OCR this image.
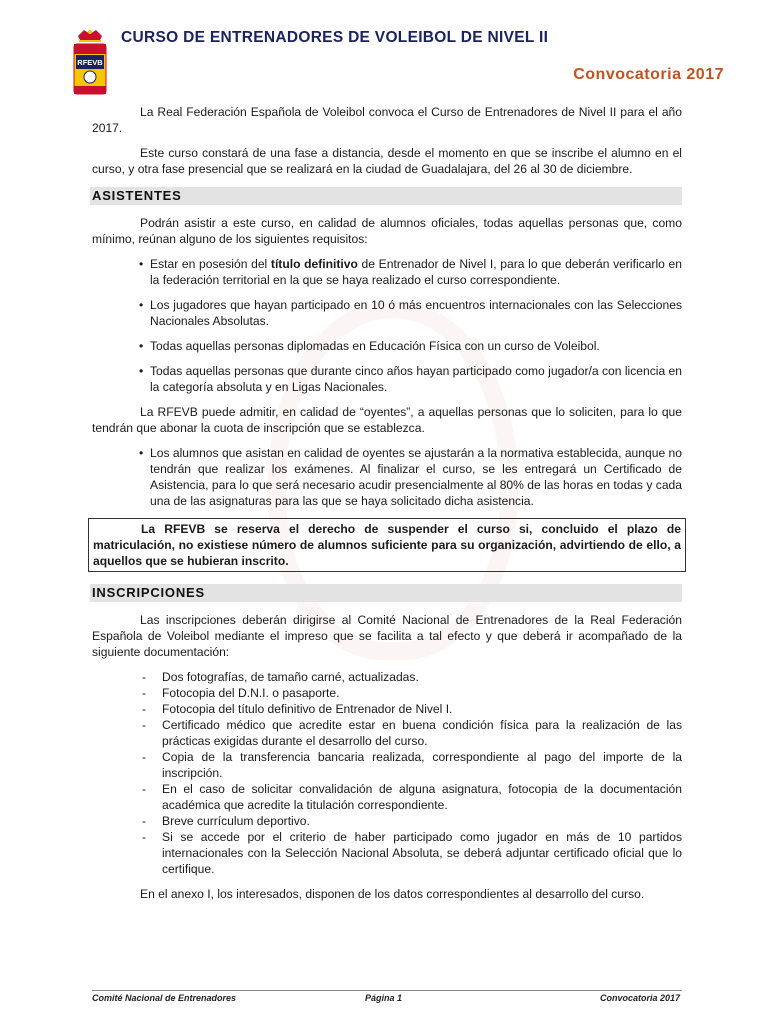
RFEVB
CURSO DE ENTRENADORES DE VOLEIBOL DE NIVEL II
Convocatoria 2017

La Real Federación Española de Voleibol convoca el Curso de Entrenadores de Nivel II para el año 2017.

Este curso constará de una fase a distancia, desde el momento en que se inscribe el alumno en el curso, y otra fase presencial que se realizará en la ciudad de Guadalajara, del 26 al 30 de diciembre.

ASISTENTES

Podrán asistir a este curso, en calidad de alumnos oficiales, todas aquellas personas que, como mínimo, reúnan alguno de los siguientes requisitos:

• Estar en posesión del título definitivo de Entrenador de Nivel I, para lo que deberán verificarlo en la federación territorial en la que se haya realizado el curso correspondiente.
• Los jugadores que hayan participado en 10 ó más encuentros internacionales con las Selecciones Nacionales Absolutas.
• Todas aquellas personas diplomadas en Educación Física con un curso de Voleibol.
• Todas aquellas personas que durante cinco años hayan participado como jugador/a con licencia en la categoría absoluta y en Ligas Nacionales.

La RFEVB puede admitir, en calidad de “oyentes”, a aquellas personas que lo soliciten, para lo que tendrán que abonar la cuota de inscripción que se establezca.

• Los alumnos que asistan en calidad de oyentes se ajustarán a la normativa establecida, aunque no tendrán que realizar los exámenes. Al finalizar el curso, se les entregará un Certificado de Asistencia, para lo que será necesario acudir presencialmente al 80% de las horas en todas y cada una de las asignaturas para las que se haya solicitado dicha asistencia.
La RFEVB se reserva el derecho de suspender el curso si, concluido el plazo de matriculación, no existiese número de alumnos suficiente para su organización, advirtiendo de ello, a aquellos que se hubieran inscrito.
INSCRIPCIONES

Las inscripciones deberán dirigirse al Comité Nacional de Entrenadores de la Real Federación Española de Voleibol mediante el impreso que se facilita a tal efecto y que deberá ir acompañado de la siguiente documentación:

- Dos fotografías, de tamaño carné, actualizadas.
- Fotocopia del D.N.I. o pasaporte.
- Fotocopia del título definitivo de Entrenador de Nivel I.
- Certificado médico que acredite estar en buena condición física para la realización de las prácticas exigidas durante el desarrollo del curso.
- Copia de la transferencia bancaria realizada, correspondiente al pago del importe de la inscripción.
- En el caso de solicitar convalidación de alguna asignatura, fotocopia de la documentación académica que acredite la titulación correspondiente.
- Breve currículum deportivo.
- Si se accede por el criterio de haber participado como jugador en más de 10 partidos internacionales con la Selección Nacional Absoluta, se deberá adjuntar certificado oficial que lo certifique.

En el anexo I, los interesados, disponen de los datos correspondientes al desarrollo del curso.

Comité Nacional de Entrenadores	Página 1	Convocatoria 2017
